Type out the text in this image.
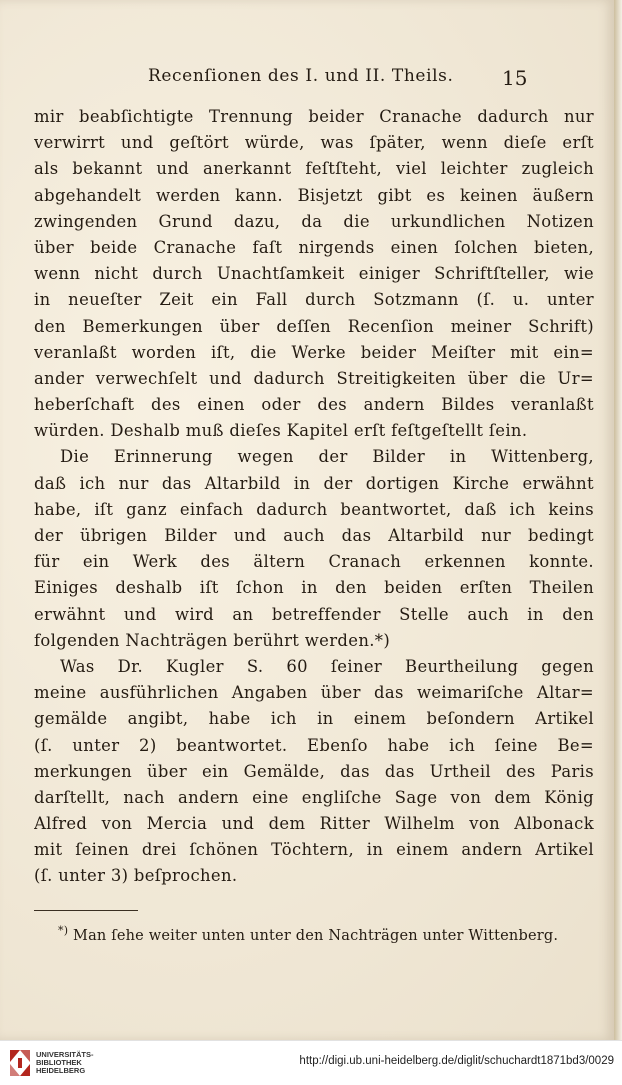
Recenſionen des I. und II. Theils. 15
mir beabſichtigte Trennung beider Cranache dadurch nur
verwirrt und geſtört würde, was ſpäter, wenn dieſe erſt
als bekannt und anerkannt feſtſteht, viel leichter zugleich
abgehandelt werden kann. Bisjetzt gibt es keinen äußern
zwingenden Grund dazu, da die urkundlichen Notizen
über beide Cranache faſt nirgends einen ſolchen bieten,
wenn nicht durch Unachtſamkeit einiger Schriftſteller, wie
in neueſter Zeit ein Fall durch Sotzmann (ſ. u. unter
den Bemerkungen über deſſen Recenſion meiner Schrift)
veranlaßt worden iſt, die Werke beider Meiſter mit ein=
ander verwechſelt und dadurch Streitigkeiten über die Ur=
heberſchaft des einen oder des andern Bildes veranlaßt
würden. Deshalb muß dieſes Kapitel erſt feſtgeſtellt ſein.
Die Erinnerung wegen der Bilder in Wittenberg,
daß ich nur das Altarbild in der dortigen Kirche erwähnt
habe, iſt ganz einfach dadurch beantwortet, daß ich keins
der übrigen Bilder und auch das Altarbild nur bedingt
für ein Werk des ältern Cranach erkennen konnte.
Einiges deshalb iſt ſchon in den beiden erſten Theilen
erwähnt und wird an betreffender Stelle auch in den
folgenden Nachträgen berührt werden.*)
Was Dr. Kugler S. 60 ſeiner Beurtheilung gegen
meine ausführlichen Angaben über das weimariſche Altar=
gemälde angibt, habe ich in einem beſondern Artikel
(ſ. unter 2) beantwortet. Ebenſo habe ich ſeine Be=
merkungen über ein Gemälde, das das Urtheil des Paris
darſtellt, nach andern eine engliſche Sage von dem König
Alfred von Mercia und dem Ritter Wilhelm von Albonack
mit ſeinen drei ſchönen Töchtern, in einem andern Artikel
(ſ. unter 3) beſprochen.
*) Man ſehe weiter unten unter den Nachträgen unter Wittenberg.
UNIVERSITÄTS-
BIBLIOTHEK
HEIDELBERG
http://digi.ub.uni-heidelberg.de/diglit/schuchardt1871bd3/0029
